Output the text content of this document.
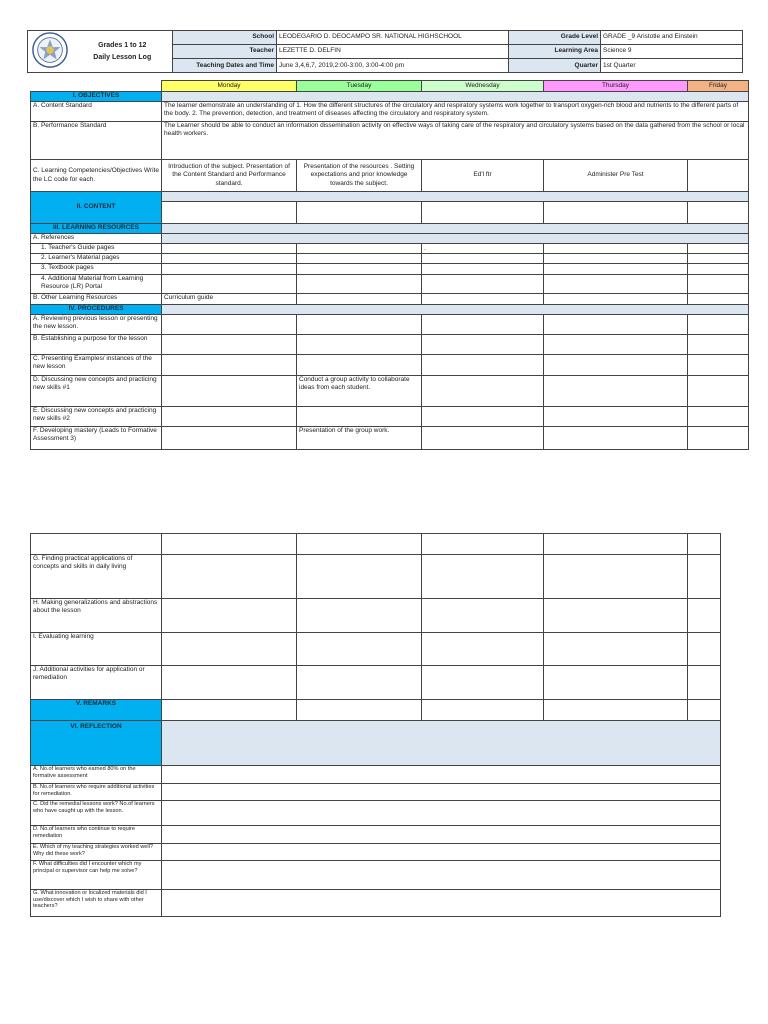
Grades 1 to 12
Daily Lesson Log	School	LEODEGARIO D. DEOCAMPO SR. NATIONAL HIGHSCHOOL	Grade Level	GRADE _9 Aristotle and Einstein
		Teacher	LEZETTE D. DELFIN	Learning Area	Science 9
		Teaching Dates and Time	June 3,4,6,7, 2019,2:00-3:00, 3:00-4:00 pm	Quarter	1st Quarter
	Monday	Tuesday	Wednesday	Thursday	Friday
I. OBJECTIVES					
A. Content Standard	The learner demonstrate an understanding of 1. How the different structures of the circulatory and respiratory systems work together to transport oxygen-rich blood and nutrients to the different parts of the body. 2. The prevention, detection, and treatment of diseases affecting the circulatory and respiratory system.				
B. Performance Standard	The Learner should be able to conduct an information dissemination activity on effective ways of taking care of the respiratory and circulatory systems based on the data gathered from the school or local health workers.				
C. Learning Competencies/Objectives Write the LC code for each.	Introduction of the subject. Presentation of the Content Standard and Performance standard.	Presentation of the resources . Setting expectations and prior knowledge towards the subject.	Ed'l ftr	Administer Pre Test	
II. CONTENT					

III. LEARNING RESOURCES					
A. References					
1. Teacher's Guide pages			.		
2. Learner's Material pages					
3. Textbook pages					
4. Additional Material from Learning Resource (LR) Portal					
B. Other Learning Resources	Curriculum guide				
IV. PROCEDURES					
A. Reviewing previous lesson or presenting the new lesson.					
B. Establishing a purpose for the lesson					
C. Presenting Examples/ instances of the new lesson					
D. Discussing new concepts and practicing new skills #1		Conduct a group activity to collaborate ideas from each student.			
E. Discussing new concepts and practicing new skills #2					
F. Developing mastery (Leads to Formative Assessment 3)		Presentation of the group work.			

G. Finding practical applications of concepts and skills in daily living					
H. Making generalizations and abstractions about the lesson					
I. Evaluating learning					
J. Additional activities for application or remediation					
V. REMARKS					
VI. REFLECTION					
A. No.of learners who earned 80% on the formative assessment					
B. No.of learners who require additional activities for remediation.					
C. Did the remedial lessons work? No.of learners who have caught up with the lesson.					
D. No.of learners who continue to require remediation					
E. Which of my teaching strategies worked well? Why did these work?					
F. What difficulties did I encounter which my principal or supervisor can help me solve?					
G. What innovation or localized materials did I use/discover which I wish to share with other teachers?					
